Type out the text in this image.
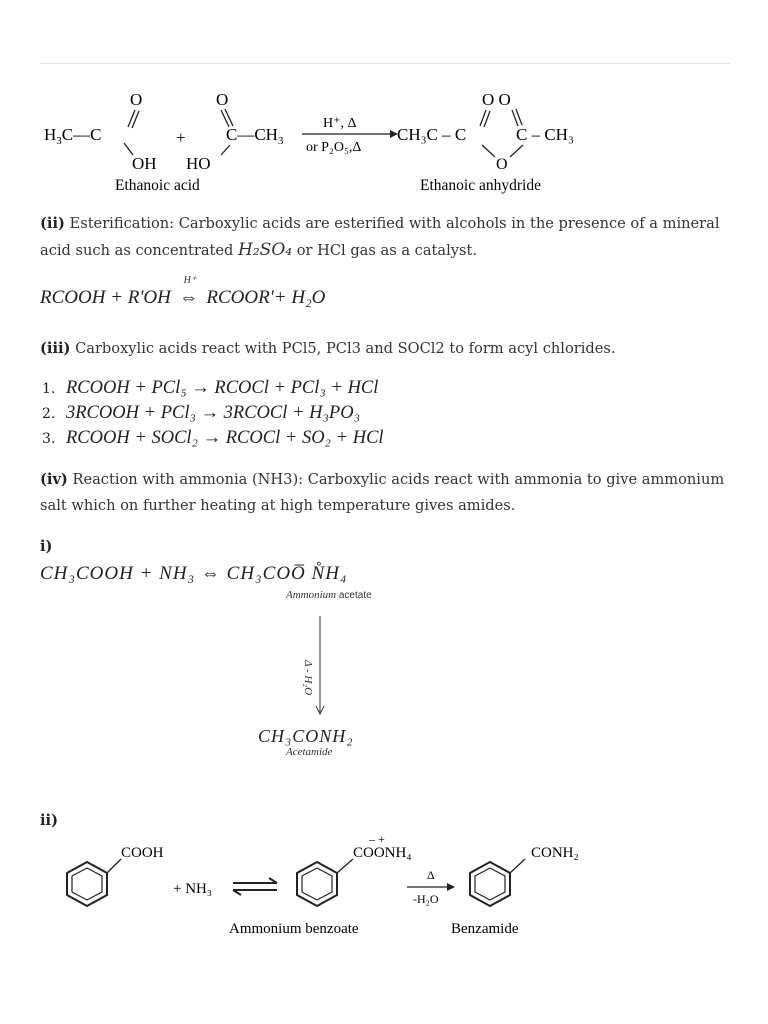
$H_3C—C$
O
OH
+
O
$C—CH_3$
HO
H⁺, Δ
or P₂O₅,Δ
CH₃C – C
O O
C – CH₃
O
Ethanoic acid	Ethanoic anhydride
(ii) Esterification: Carboxylic acids are esterified with alcohols in the presence of a mineral acid such as concentrated H₂SO₄ or HCl gas as a catalyst.
RCOOH + R'OH
H⁺
⇔ RCOOR'+ H₂O
(iii) Carboxylic acids react with PCl5, PCl3 and SOCl2 to form acyl chlorides.
1. RCOOH + PCl₅ → RCOCl + PCl₃ + HCl
2. 3RCOOH + PCl₃ → 3RCOCl + H₃PO₃
3. RCOOH + SOCl₂ → RCOCl + SO₂ + HCl
(iv) Reaction with ammonia (NH3): Carboxylic acids react with ammonia to give ammonium salt which on further heating at high temperature gives amides.
i)
CH₃COOH + NH₃ ⇔ CH₃COO̅ N̊H₄
Ammonium acetate
Δ - H₂O
CH₃CONH₂
Acetamide
ii)
COOH
+ NH₃
– +
COONH₄
Δ
-H₂O
CONH₂
Ammonium benzoate	Benzamide
